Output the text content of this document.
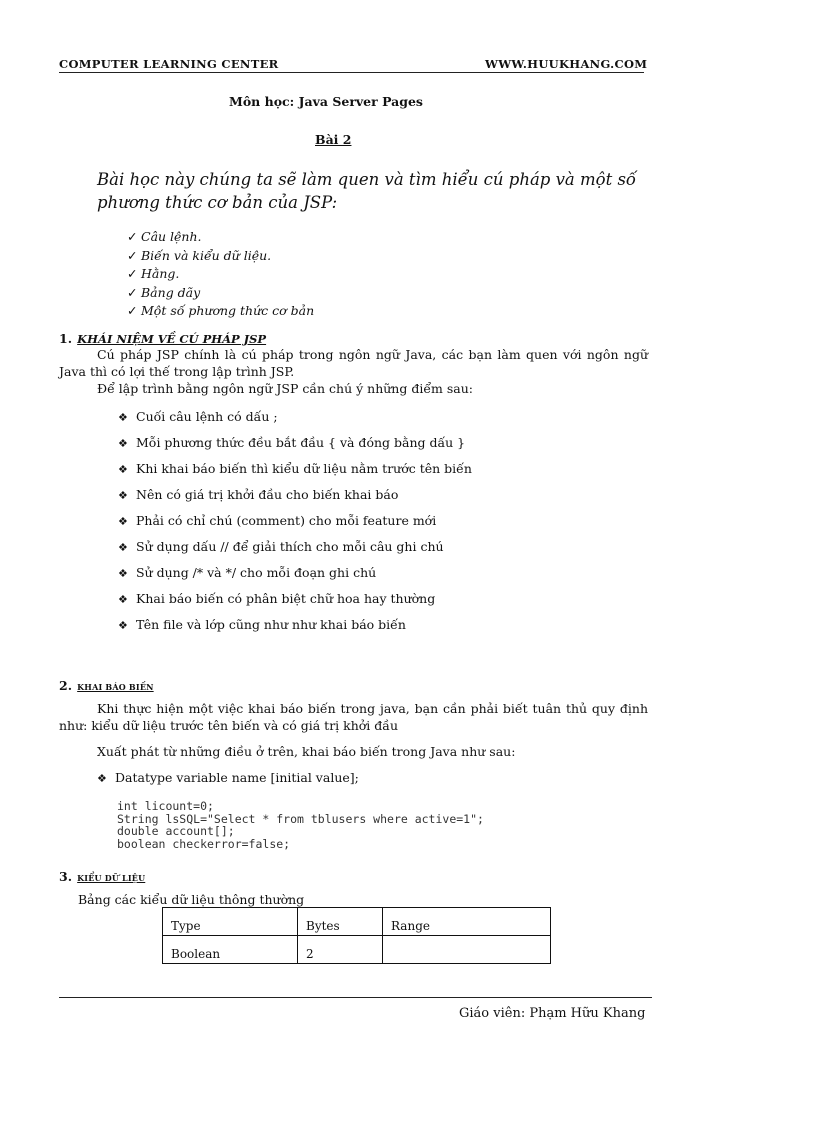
COMPUTER LEARNING CENTER	WWW.HUUKHANG.COM
Môn học: Java Server Pages
Bài 2
Bài học này chúng ta sẽ làm quen và tìm hiểu cú pháp và một số phương thức cơ bản của JSP:
✓ Câu lệnh.
✓ Biến và kiểu dữ liệu.
✓ Hằng.
✓ Bảng dãy
✓ Một số phương thức cơ bản
1. KHÁI NIỆM VỀ CÚ PHÁP JSP
Cú pháp JSP chính là cú pháp trong ngôn ngữ Java, các bạn làm quen với ngôn ngữ Java thì có lợi thế trong lập trình JSP.
Để lập trình bằng ngôn ngữ JSP cần chú ý những điểm sau:
❖ Cuối câu lệnh có dấu ;
❖ Mỗi phương thức đều bắt đầu { và đóng bằng dấu }
❖ Khi khai báo biến thì kiểu dữ liệu nằm trước tên biến
❖ Nên có giá trị khởi đầu cho biến khai báo
❖ Phải có chỉ chú (comment) cho mỗi feature mới
❖ Sử dụng dấu // để giải thích cho mỗi câu ghi chú
❖ Sử dụng /* và */ cho mỗi đoạn ghi chú
❖ Khai báo biến có phân biệt chữ hoa hay thường
❖ Tên file và lớp cũng như như khai báo biến
2. KHAI BÁO BIẾN
Khi thực hiện một việc khai báo biến trong java, bạn cần phải biết tuân thủ quy định như: kiểu dữ liệu trước tên biến và có giá trị khởi đầu
Xuất phát từ những điều ở trên, khai báo biến trong Java như sau:
❖ Datatype variable name [initial value];
int licount=0;
String lsSQL="Select * from tblusers where active=1";
double account[];
boolean checkerror=false;
3. KIỂU DỮ LIỆU
Bảng các kiểu dữ liệu thông thường
Type	Bytes	Range
Boolean	2	
Giáo viên: Phạm Hữu Khang
